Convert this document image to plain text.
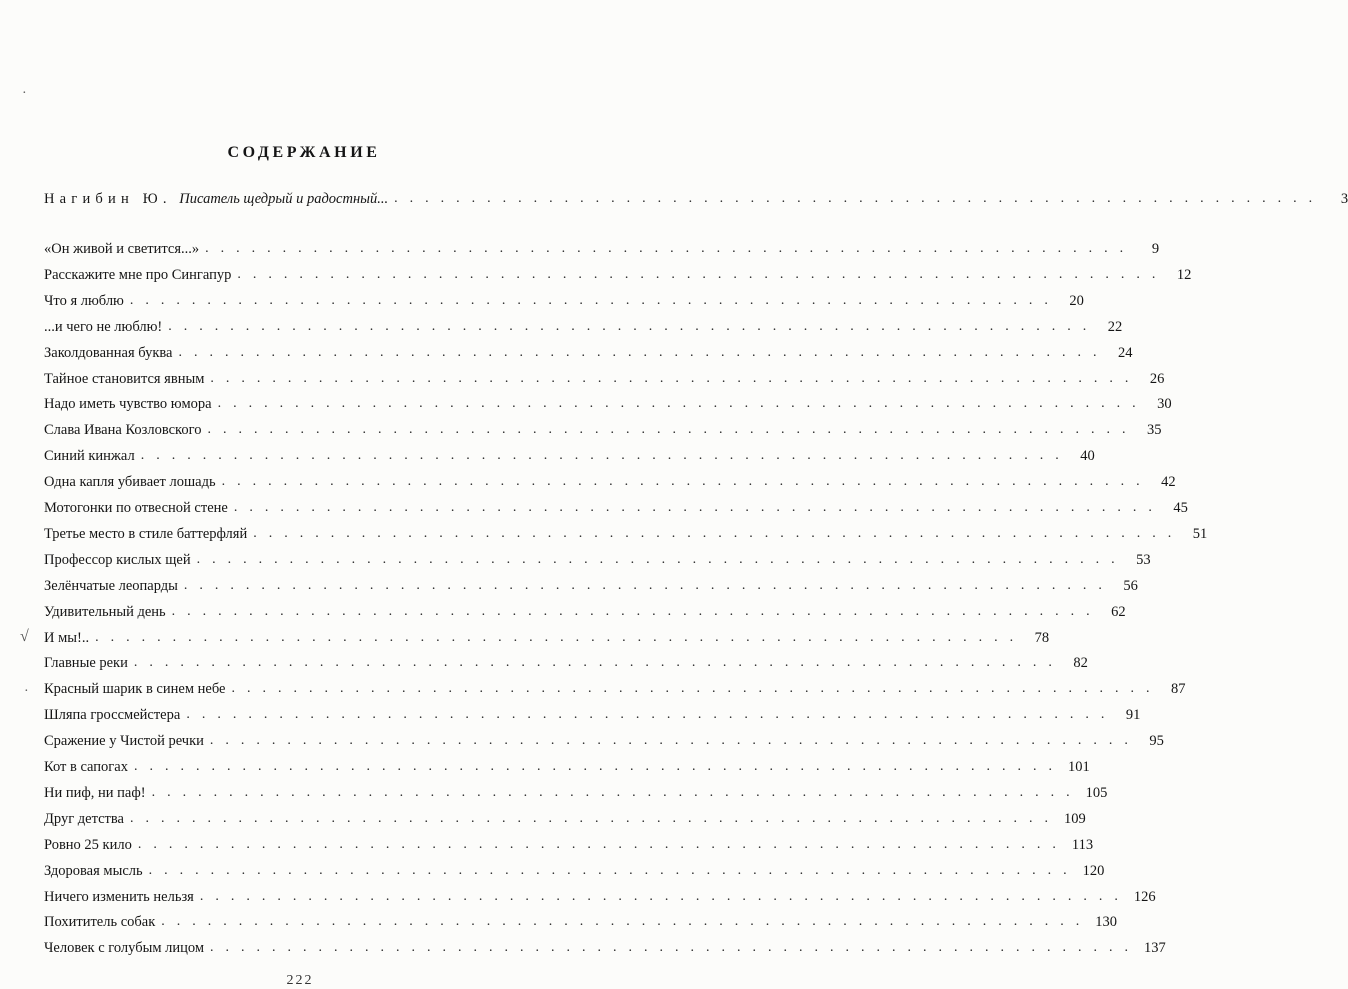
·
√
·
СОДЕРЖАНИЕ
Нагибин Ю. Писатель щедрый и радостный... ............................................................	3
«Он живой и светится...» ............................................................	9
Расскажите мне про Сингапур ............................................................ 12
Что я люблю ............................................................ 20
...и чего не люблю! ............................................................ 22
Заколдованная буква ............................................................ 24
Тайное становится явным ............................................................ 26
Надо иметь чувство юмора ............................................................ 30
Слава Ивана Козловского ............................................................ 35
Синий кинжал ............................................................ 40
Одна капля убивает лошадь ............................................................ 42
Мотогонки по отвесной стене ............................................................ 45
Третье место в стиле баттерфляй ............................................................ 51
Профессор кислых щей ............................................................ 53
Зелёнчатые леопарды ............................................................ 56
Удивительный день ............................................................ 62
И мы!.. ............................................................ 78
Главные реки ............................................................ 82
Красный шарик в синем небе ............................................................ 87
Шляпа гроссмейстера ............................................................ 91
Сражение у Чистой речки ............................................................ 95
Кот в сапогах ............................................................ 101
Ни пиф, ни паф! ............................................................ 105
Друг детства ............................................................ 109
Ровно 25 кило ............................................................ 113
Здоровая мысль ............................................................ 120
Ничего изменить нельзя ............................................................ 126
Похититель собак ............................................................ 130
Человек с голубым лицом ............................................................ 137
222
